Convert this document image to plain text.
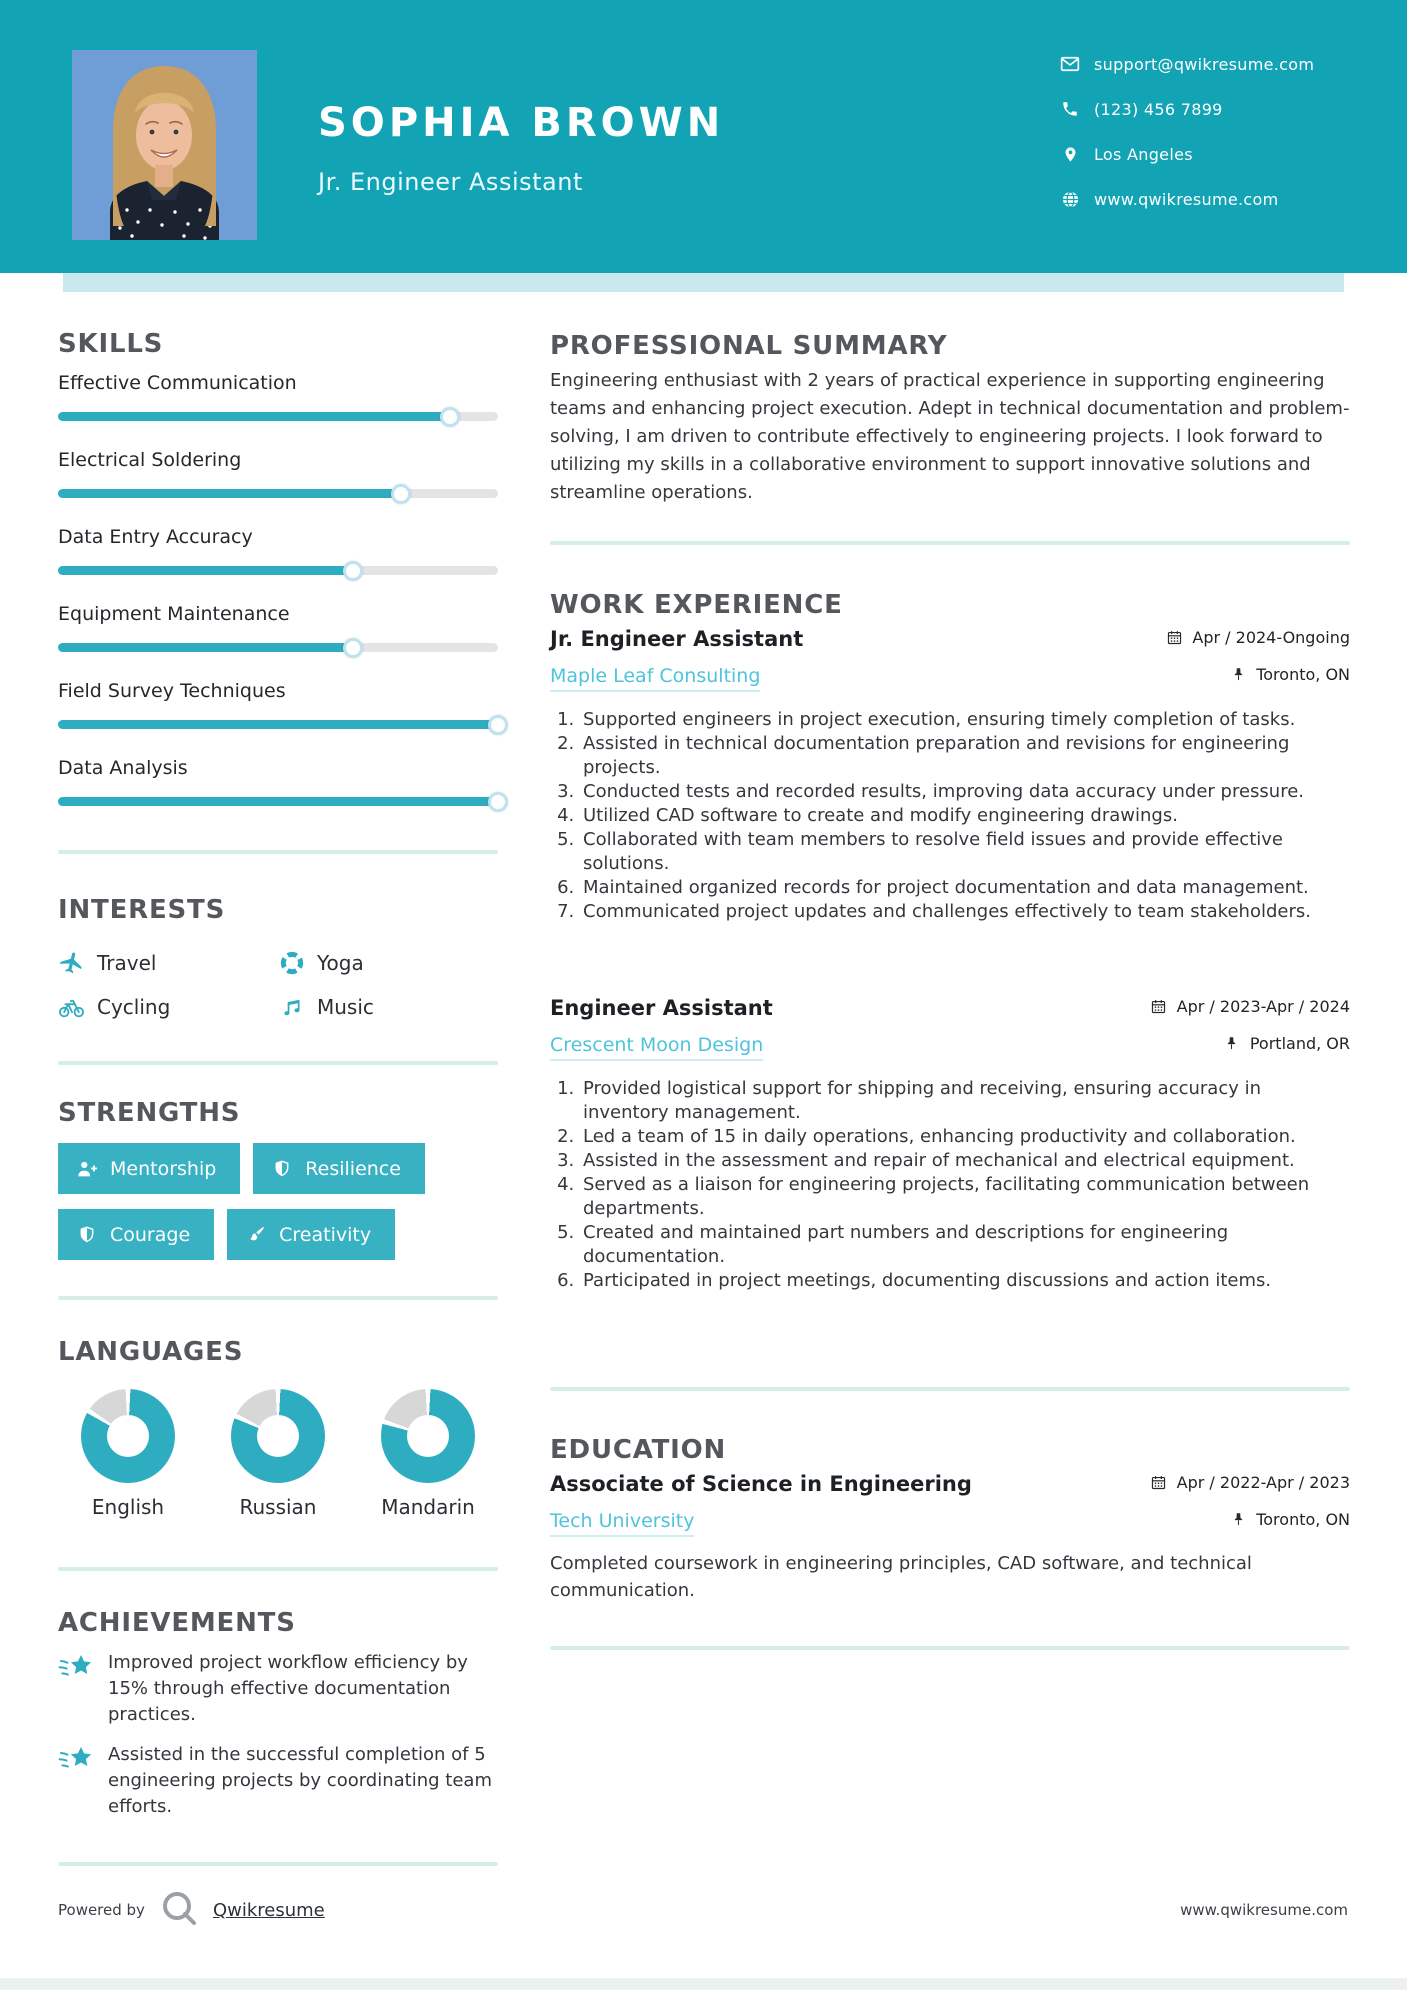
SOPHIA BROWN
Jr. Engineer Assistant
support@qwikresume.com
(123) 456 7899
Los Angeles
www.qwikresume.com
SKILLS
Effective Communication
Electrical Soldering
Data Entry Accuracy
Equipment Maintenance
Field Survey Techniques
Data Analysis
INTERESTS
Travel	Yoga
Cycling	Music
STRENGTHS
Mentorship	Resilience
Courage	Creativity
LANGUAGES
English	Russian	Mandarin
ACHIEVEMENTS
Improved project workflow efficiency by 15% through effective documentation practices.
Assisted in the successful completion of 5 engineering projects by coordinating team efforts.
PROFESSIONAL SUMMARY

Engineering enthusiast with 2 years of practical experience in supporting engineering teams and enhancing project execution. Adept in technical documentation and problem-solving, I am driven to contribute effectively to engineering projects. I look forward to utilizing my skills in a collaborative environment to support innovative solutions and streamline operations.

WORK EXPERIENCE
Jr. Engineer Assistant	Apr / 2024-Ongoing
Maple Leaf Consulting	Toronto, ON
1. Supported engineers in project execution, ensuring timely completion of tasks.
2. Assisted in technical documentation preparation and revisions for engineering projects.
3. Conducted tests and recorded results, improving data accuracy under pressure.
4. Utilized CAD software to create and modify engineering drawings.
5. Collaborated with team members to resolve field issues and provide effective solutions.
6. Maintained organized records for project documentation and data management.
7. Communicated project updates and challenges effectively to team stakeholders.
Engineer Assistant	Apr / 2023-Apr / 2024
Crescent Moon Design	Portland, OR
1. Provided logistical support for shipping and receiving, ensuring accuracy in inventory management.
2. Led a team of 15 in daily operations, enhancing productivity and collaboration.
3. Assisted in the assessment and repair of mechanical and electrical equipment.
4. Served as a liaison for engineering projects, facilitating communication between departments.
5. Created and maintained part numbers and descriptions for engineering documentation.
6. Participated in project meetings, documenting discussions and action items.
EDUCATION
Associate of Science in Engineering	Apr / 2022-Apr / 2023
Tech University	Toronto, ON

Completed coursework in engineering principles, CAD software, and technical communication.

Powered by	Qwikresume	www.qwikresume.com
